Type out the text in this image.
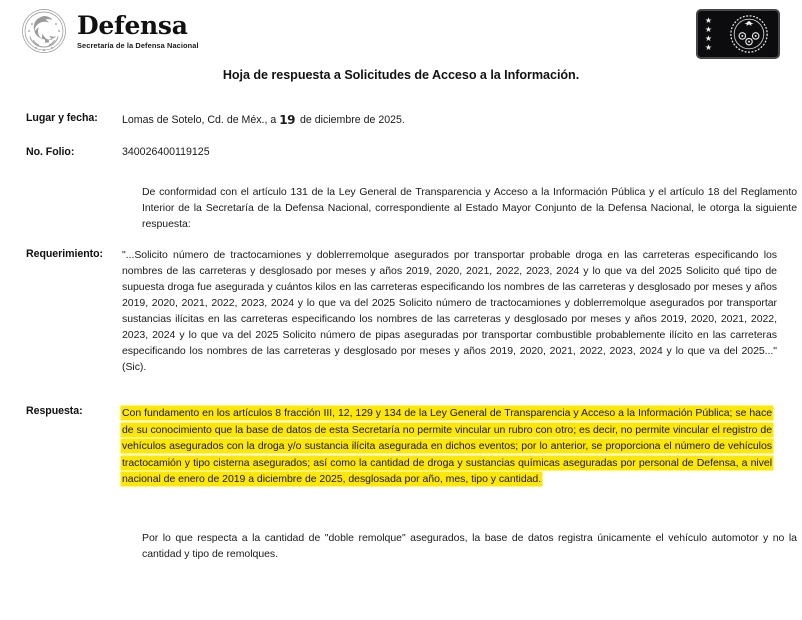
Defensa
Secretaría de la Defensa Nacional
★
★
★
★
Hoja de respuesta a Solicitudes de Acceso a la Información.
Lugar y fecha:	Lomas de Sotelo, Cd. de Méx., a 19 de diciembre de 2025.
No. Folio:	340026400119125
De conformidad con el artículo 131 de la Ley General de Transparencia y Acceso a la Información Pública y el artículo 18 del Reglamento Interior de la Secretaría de la Defensa Nacional, correspondiente al Estado Mayor Conjunto de la Defensa Nacional, le otorga la siguiente respuesta:
Requerimiento:	"...Solicito número de tractocamiones y doblerremolque asegurados por transportar probable droga en las carreteras especificando los nombres de las carreteras y desglosado por meses y años 2019, 2020, 2021, 2022, 2023, 2024 y lo que va del 2025 Solicito qué tipo de supuesta droga fue asegurada y cuántos kilos en las carreteras especificando los nombres de las carreteras y desglosado por meses y años 2019, 2020, 2021, 2022, 2023, 2024 y lo que va del 2025 Solicito número de tractocamiones y doblerremolque asegurados por transportar sustancias ilícitas en las carreteras especificando los nombres de las carreteras y desglosado por meses y años 2019, 2020, 2021, 2022, 2023, 2024 y lo que va del 2025 Solicito número de pipas aseguradas por transportar combustible probablemente ilícito en las carreteras especificando los nombres de las carreteras y desglosado por meses y años 2019, 2020, 2021, 2022, 2023, 2024 y lo que va del 2025..." (Sic).
Respuesta:	Con fundamento en los artículos 8 fracción III, 12, 129 y 134 de la Ley General de Transparencia y Acceso a la Información Pública; se hace de su conocimiento que la base de datos de esta Secretaría no permite vincular un rubro con otro; es decir, no permite vincular el registro de vehículos asegurados con la droga y/o sustancia ilícita asegurada en dichos eventos; por lo anterior, se proporciona el número de vehículos tractocamión y tipo cisterna asegurados; así como la cantidad de droga y sustancias químicas aseguradas por personal de Defensa, a nivel nacional de enero de 2019 a diciembre de 2025, desglosada por año, mes, tipo y cantidad.
Por lo que respecta a la cantidad de "doble remolque" asegurados, la base de datos registra únicamente el vehículo automotor y no la cantidad y tipo de remolques.
